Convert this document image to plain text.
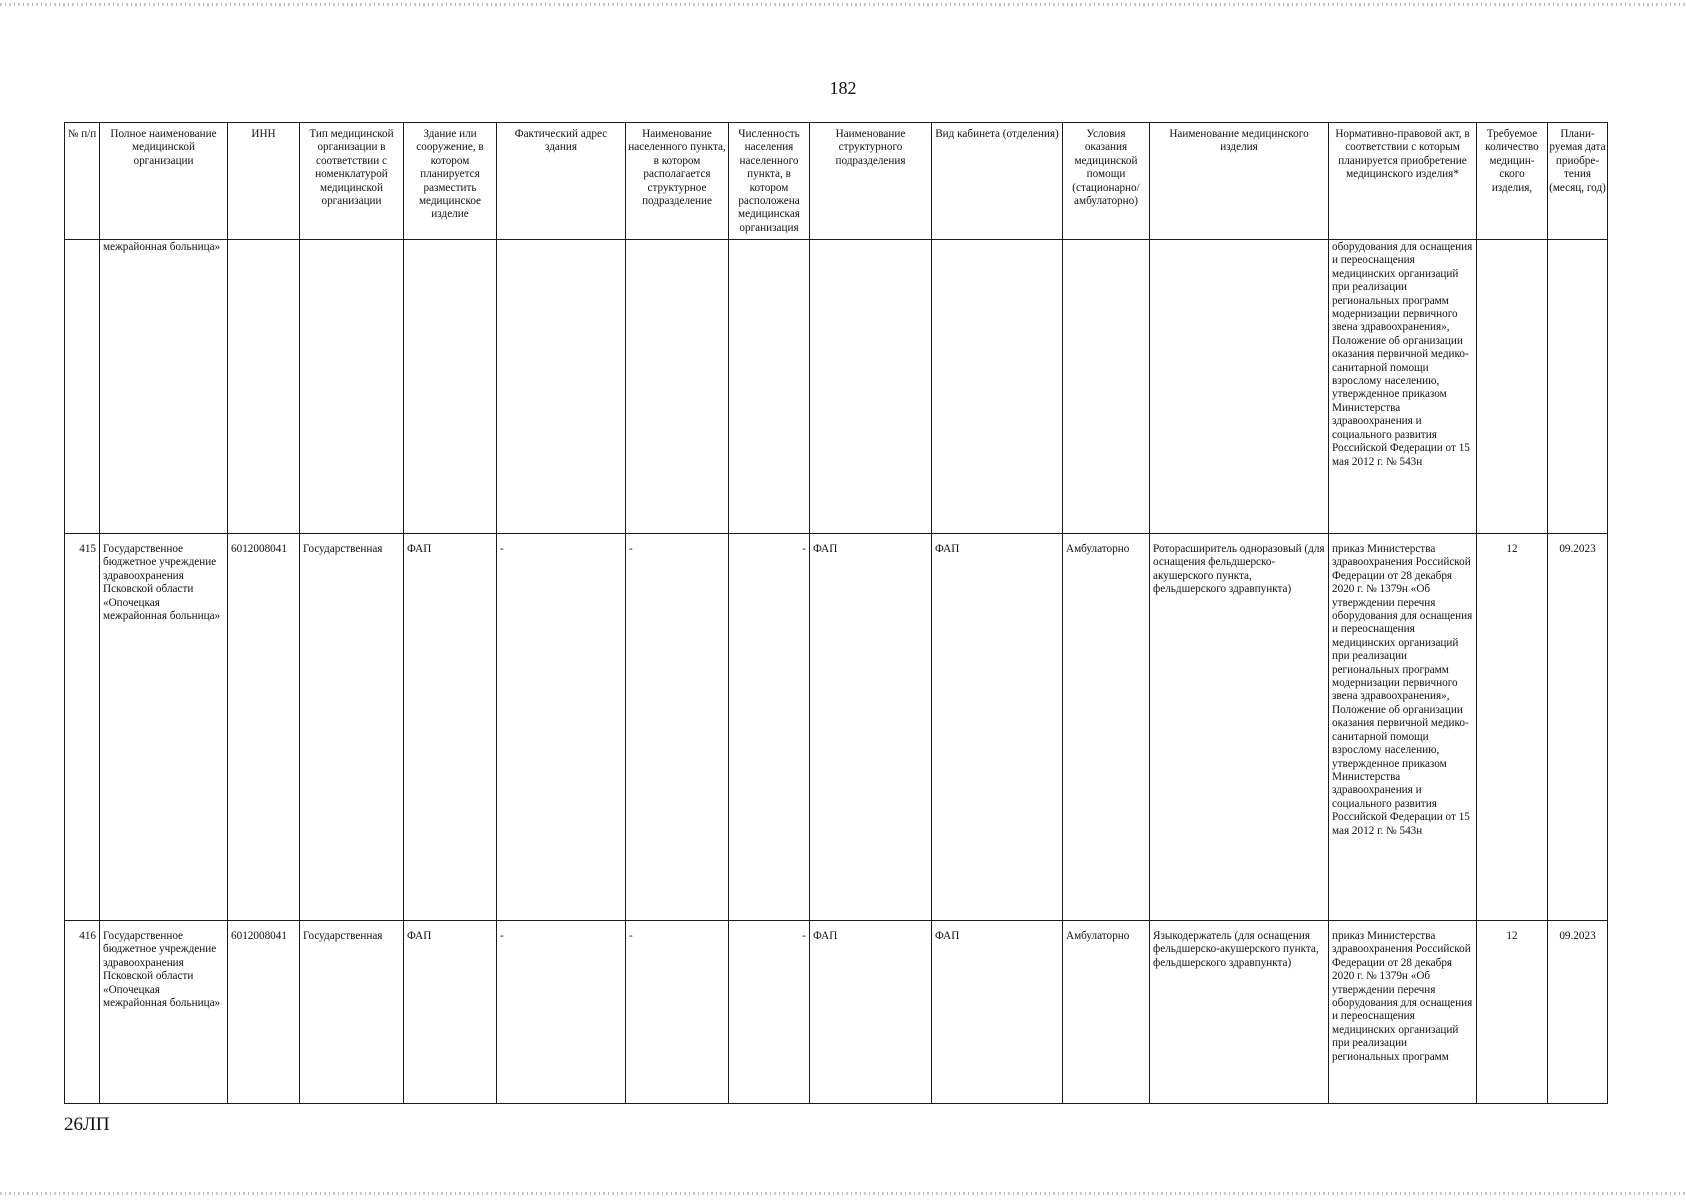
182
№ п/п	Полное наименование медицинской организации	ИНН	Тип медицинской организации в соответствии с номенклатурой медицинской организации	Здание или сооружение, в котором планируется разместить медицинское изделие	Фактический адрес здания	Наименование населенного пункта, в котором располагается структурное подразделение	Численность населения населенного пункта, в котором расположена медицинская организация	Наименование структурного подразделения	Вид кабинета (отделения)	Условия оказания медицинской помощи (стационарно/ амбулаторно)	Наименование медицинского изделия	Нормативно-правовой акт, в соответствии с которым планируется приобретение медицинского изделия*	Требуемое количество медицин-ского изделия,	Плани-руемая дата приобре-тения (месяц, год)
	межрайонная больница»											оборудования для оснащения и переоснащения медицинских организаций при реализации региональных программ модернизации первичного звена здравоохранения», Положение об организации оказания первичной медико-санитарной помощи взрослому населению, утвержденное приказом Министерства здравоохранения и социального развития Российской Федерации от 15 мая 2012 г. № 543н		
415	Государственное бюджетное учреждение здравоохранения Псковской области «Опочецкая межрайонная больница»	6012008041	Государственная	ФАП	-	-	-	ФАП	ФАП	Амбулаторно	Роторасширитель одноразовый (для оснащения фельдшерско-акушерского пункта, фельдшерского здравпункта)	приказ Министерства здравоохранения Российской Федерации от 28 декабря 2020 г. № 1379н «Об утверждении перечня оборудования для оснащения и переоснащения медицинских организаций при реализации региональных программ модернизации первичного звена здравоохранения», Положение об организации оказания первичной медико-санитарной помощи взрослому населению, утвержденное приказом Министерства здравоохранения и социального развития Российской Федерации от 15 мая 2012 г. № 543н	12	09.2023
416	Государственное бюджетное учреждение здравоохранения Псковской области «Опочецкая межрайонная больница»	6012008041	Государственная	ФАП	-	-	-	ФАП	ФАП	Амбулаторно	Языкодержатель (для оснащения фельдшерско-акушерского пункта, фельдшерского здравпункта)	приказ Министерства здравоохранения Российской Федерации от 28 декабря 2020 г. № 1379н «Об утверждении перечня оборудования для оснащения и переоснащения медицинских организаций при реализации региональных программ	12	09.2023
26ЛП
